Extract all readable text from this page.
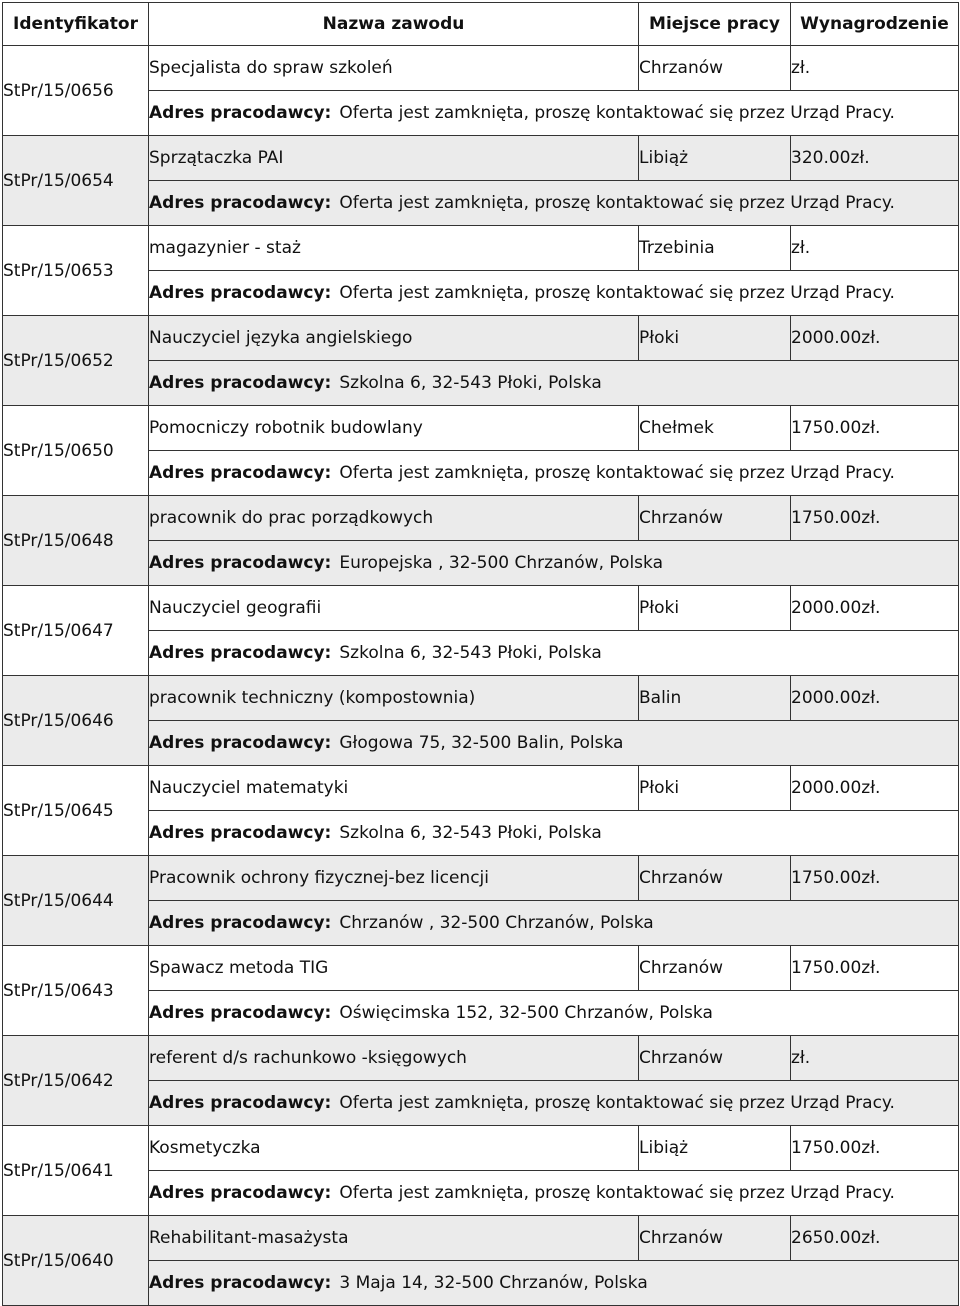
Identyfikator	Nazwa zawodu	Miejsce pracy	Wynagrodzenie
StPr/15/0656	Specjalista do spraw szkoleń	Chrzanów	zł.
	Adres pracodawcy: Oferta jest zamknięta, proszę kontaktować się przez Urząd Pracy.		
StPr/15/0654	Sprzątaczka PAI	Libiąż	320.00zł.
	Adres pracodawcy: Oferta jest zamknięta, proszę kontaktować się przez Urząd Pracy.		
StPr/15/0653	magazynier - staż	Trzebinia	zł.
	Adres pracodawcy: Oferta jest zamknięta, proszę kontaktować się przez Urząd Pracy.		
StPr/15/0652	Nauczyciel języka angielskiego	Płoki	2000.00zł.
	Adres pracodawcy: Szkolna 6, 32-543 Płoki, Polska		
StPr/15/0650	Pomocniczy robotnik budowlany	Chełmek	1750.00zł.
	Adres pracodawcy: Oferta jest zamknięta, proszę kontaktować się przez Urząd Pracy.		
StPr/15/0648	pracownik do prac porządkowych	Chrzanów	1750.00zł.
	Adres pracodawcy: Europejska , 32-500 Chrzanów, Polska		
StPr/15/0647	Nauczyciel geografii	Płoki	2000.00zł.
	Adres pracodawcy: Szkolna 6, 32-543 Płoki, Polska		
StPr/15/0646	pracownik techniczny (kompostownia)	Balin	2000.00zł.
	Adres pracodawcy: Głogowa 75, 32-500 Balin, Polska		
StPr/15/0645	Nauczyciel matematyki	Płoki	2000.00zł.
	Adres pracodawcy: Szkolna 6, 32-543 Płoki, Polska		
StPr/15/0644	Pracownik ochrony fizycznej-bez licencji	Chrzanów	1750.00zł.
	Adres pracodawcy: Chrzanów , 32-500 Chrzanów, Polska		
StPr/15/0643	Spawacz metoda TIG	Chrzanów	1750.00zł.
	Adres pracodawcy: Oświęcimska 152, 32-500 Chrzanów, Polska		
StPr/15/0642	referent d/s rachunkowo -księgowych	Chrzanów	zł.
	Adres pracodawcy: Oferta jest zamknięta, proszę kontaktować się przez Urząd Pracy.		
StPr/15/0641	Kosmetyczka	Libiąż	1750.00zł.
	Adres pracodawcy: Oferta jest zamknięta, proszę kontaktować się przez Urząd Pracy.		
StPr/15/0640	Rehabilitant-masażysta	Chrzanów	2650.00zł.
	Adres pracodawcy: 3 Maja 14, 32-500 Chrzanów, Polska		
